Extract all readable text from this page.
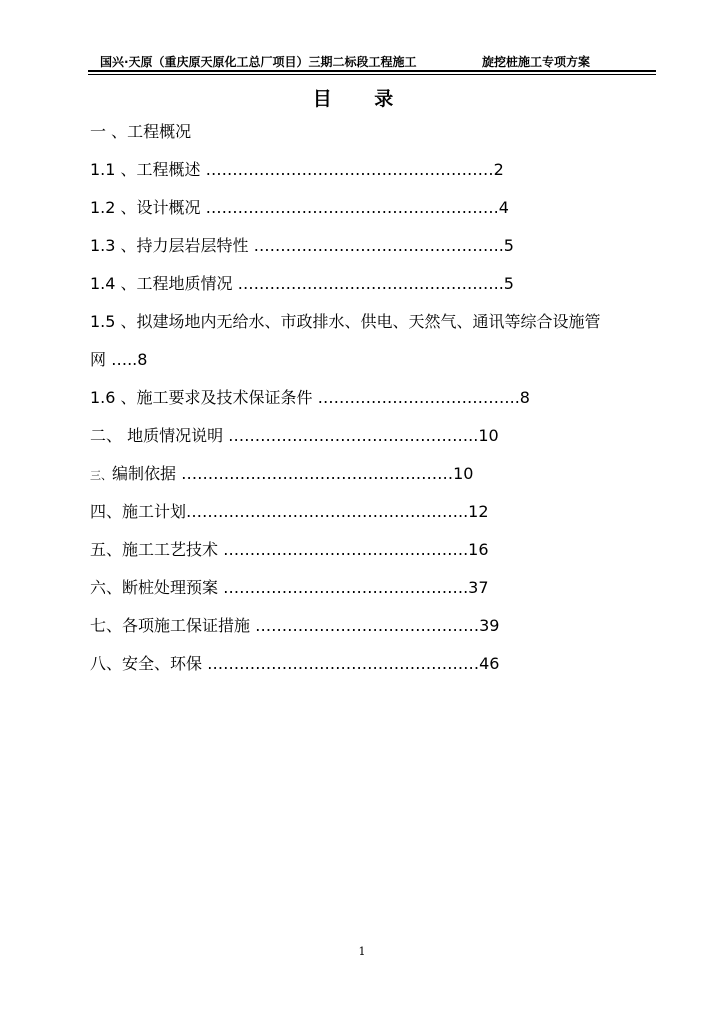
国兴·天原（重庆原天原化工总厂项目）三期二标段工程施工	旋挖桩施工专项方案
目 录
一 、工程概况
1.1 、工程概述 ………………………………………………2
1.2 、设计概况 ……………………………………………….4
1.3 、持力层岩层特性 ………………………………………..5
1.4 、工程地质情况 …………………………………………..5
1.5 、拟建场地内无给水、市政排水、供电、天然气、通讯等综合设施管
网 …..8
1.6 、施工要求及技术保证条件 ………………………………..8
二、 地质情况说明 ………………………………………..10
三、编制依据 ……………………………………………10
四、施工计划……………………………………………..12
五、施工工艺技术 ……………………………………….16
六、断桩处理预案 ……………………………………….37
七、各项施工保证措施 ……………………………………39
八、安全、环保 ……………………………………………46
1
